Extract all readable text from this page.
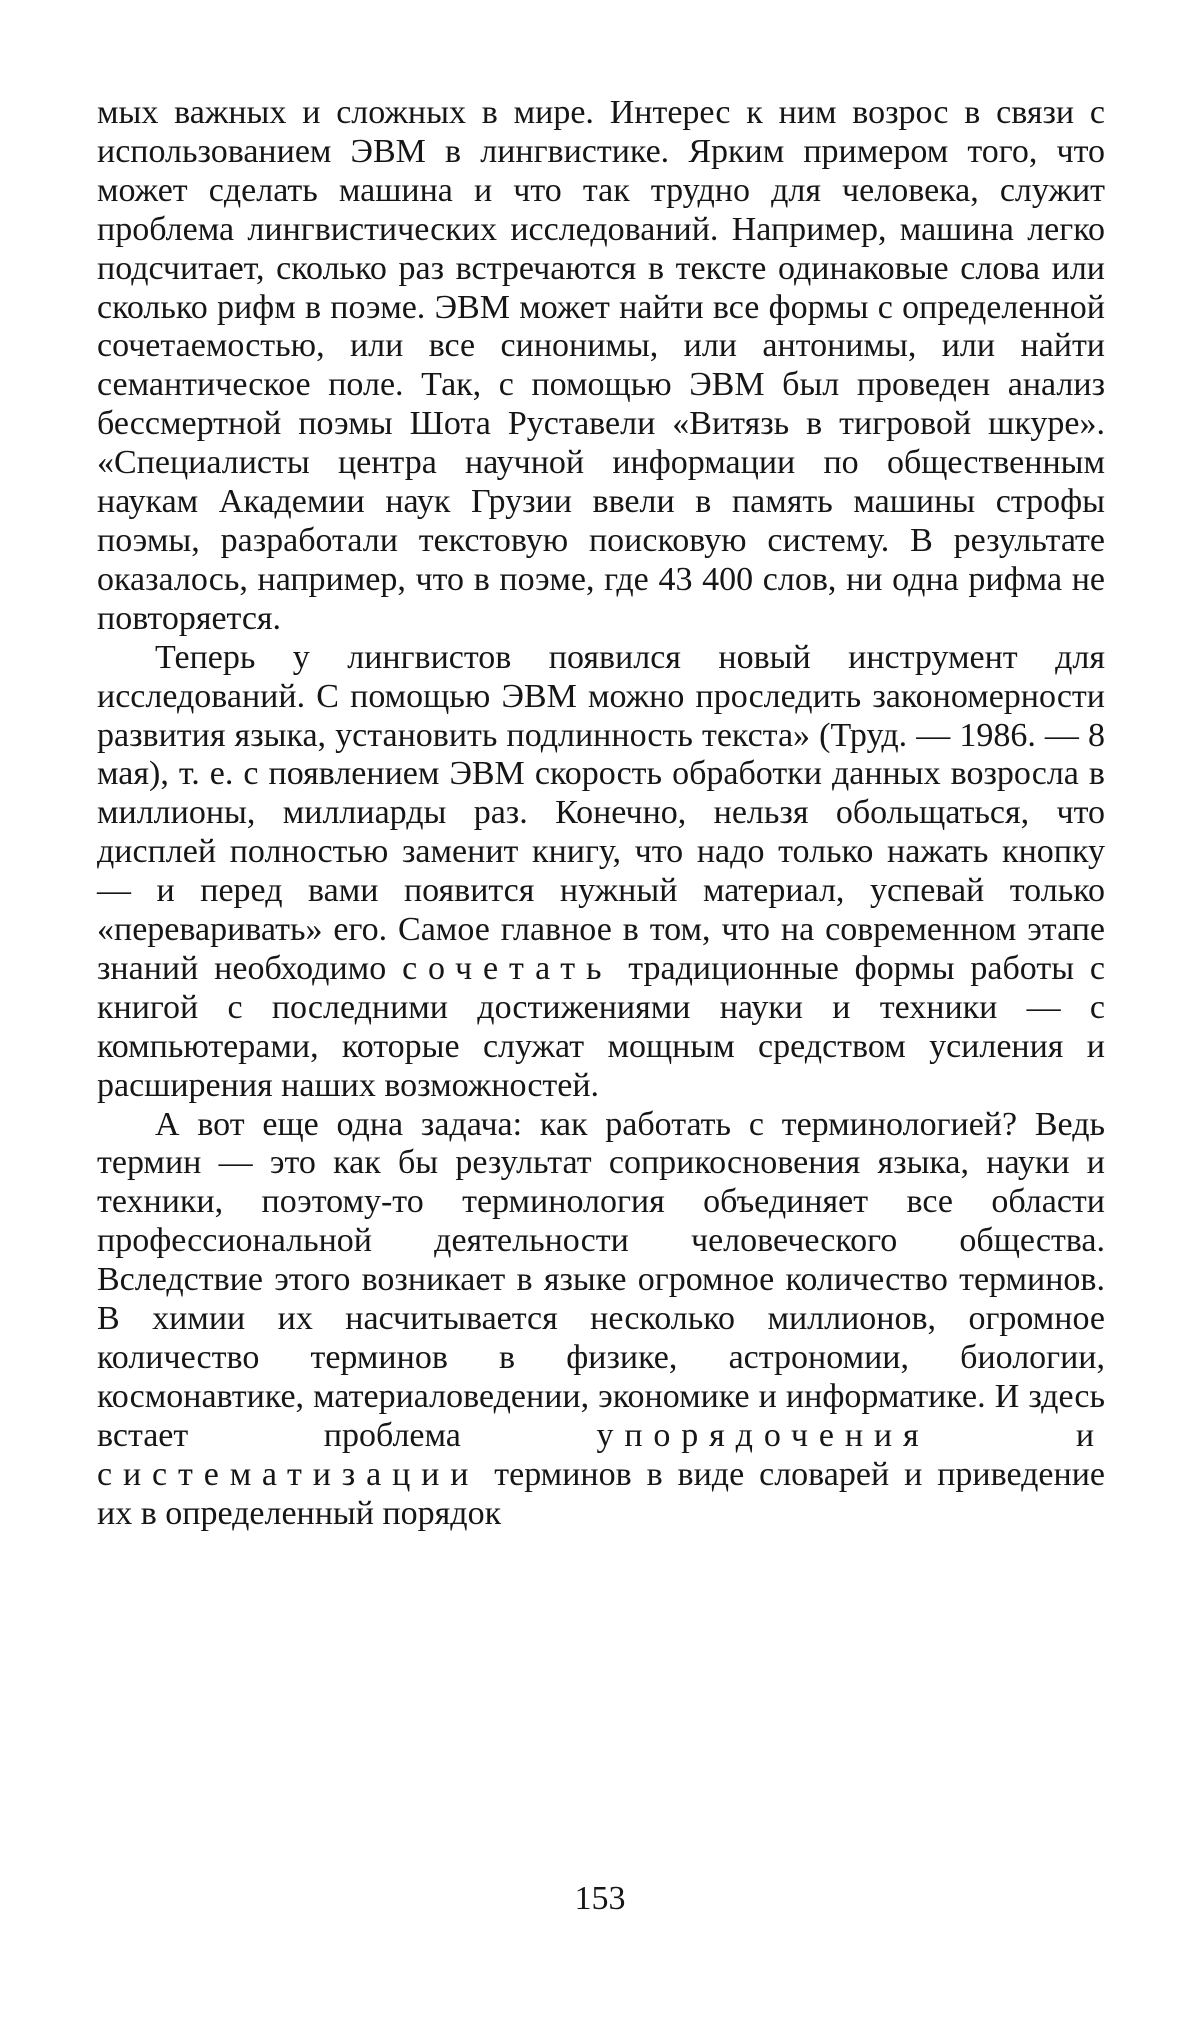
мых важных и сложных в мире. Интерес к ним возрос в связи с использованием ЭВМ в лингвистике. Ярким примером того, что может сделать машина и что так трудно для человека, служит проблема лингвистических исследований. Например, машина легко подсчитает, сколько раз встречаются в тексте одинаковые слова или сколько рифм в поэме. ЭВМ может найти все формы с определенной сочетаемостью, или все синонимы, или антонимы, или найти семантическое поле. Так, с помощью ЭВМ был проведен анализ бессмертной поэмы Шота Руставели «Витязь в тигровой шкуре». «Специалисты центра научной информации по общественным наукам Академии наук Грузии ввели в память машины строфы поэмы, разработали текстовую поисковую систему. В результате оказалось, например, что в поэме, где 43 400 слов, ни одна рифма не повторяется.

Теперь у лингвистов появился новый инструмент для исследований. С помощью ЭВМ можно проследить закономерности развития языка, установить подлинность текста» (Труд. — 1986. — 8 мая), т. е. с появлением ЭВМ скорость обработки данных возросла в миллионы, миллиарды раз. Конечно, нельзя обольщаться, что дисплей полностью заменит книгу, что надо только нажать кнопку — и перед вами появится нужный материал, успевай только «переваривать» его. Самое главное в том, что на современном этапе знаний необходимо сочетать традиционные формы работы с книгой с последними достижениями науки и техники — с компьютерами, которые служат мощным средством усиления и расширения наших возможностей.

А вот еще одна задача: как работать с терминологией? Ведь термин — это как бы результат соприкосновения языка, науки и техники, поэтому-то терминология объединяет все области профессиональной деятельности человеческого общества. Вследствие этого возникает в языке огромное количество терминов. В химии их насчитывается несколько миллионов, огромное количество терминов в физике, астрономии, биологии, космонавтике, материаловедении, экономике и информатике. И здесь встает проблема упорядочения и систематизации терминов в виде словарей и приведение их в определенный порядок

153
